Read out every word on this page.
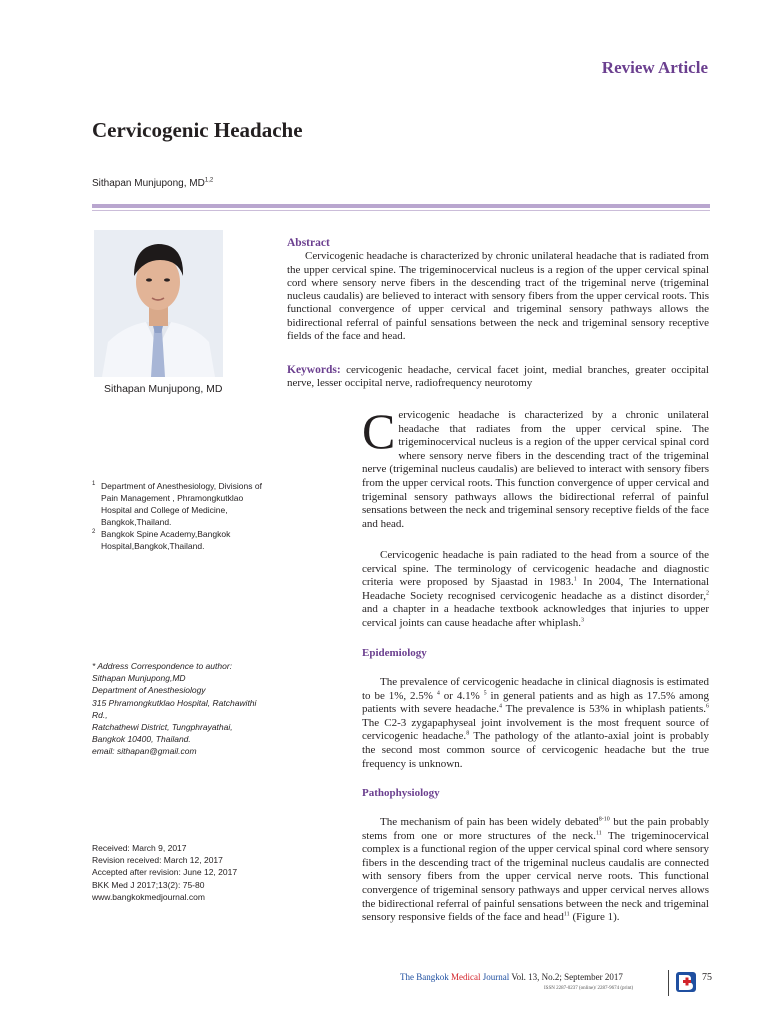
Review Article
Cervicogenic Headache
Sithapan Munjupong, MD$^{1,2}$
Sithapan Munjupong, MD
1 Department of Anesthesiology, Divisions of Pain Management , Phramongkutklao Hospital and College of Medicine, Bangkok,Thailand.
2 Bangkok Spine Academy,Bangkok Hospital,Bangkok,Thailand.
* Address Correspondence to author:
Sithapan Munjupong,MD
Department of Anesthesiology
315 Phramongkutklao Hospital, Ratchawithi Rd.,
Ratchathewi District, Tungphrayathai,
Bangkok 10400, Thailand.
email: sithapan@gmail.com
Received: March 9, 2017
Revision received: March 12, 2017
Accepted after revision: June 12, 2017
BKK Med J 2017;13(2): 75-80
www.bangkokmedjournal.com
Abstract

Cervicogenic headache is characterized by chronic unilateral headache that is radiated from the upper cervical spine. The trigeminocervical nucleus is a region of the upper cervical spinal cord where sensory nerve fibers in the descending tract of the trigeminal nerve (trigeminal nucleus caudalis) are believed to interact with sensory fibers from the upper cervical roots. This functional convergence of upper cervical and trigeminal sensory pathways allows the bidirectional referral of painful sensations between the neck and trigeminal sensory receptive fields of the face and head.

Keywords: cervicogenic headache, cervical facet joint, medial branches, greater occipital nerve, lesser occipital nerve, radiofrequency neurotomy
Cervicogenic headache is characterized by a chronic unilateral headache that radiates from the upper cervical spine. The trigeminocervical nucleus is a region of the upper cervical spinal cord where sensory nerve fibers in the descending tract of the trigeminal nerve (trigeminal nucleus caudalis) are believed to interact with sensory fibers from the upper cervical roots. This function convergence of upper cervical and trigeminal sensory pathways allows the bidirectional referral of painful sensations between the neck and trigeminal sensory receptive fields of the face and head.

Cervicogenic headache is pain radiated to the head from a source of the cervical spine. The terminology of cervicogenic headache and diagnostic criteria were proposed by Sjaastad in 1983.$^1$ In 2004, The International Headache Society recognised cervicogenic headache as a distinct disorder,$^2$ and a chapter in a headache textbook acknowledges that injuries to upper cervical joints can cause headache after whiplash.$^3$

Epidemiology

The prevalence of cervicogenic headache in clinical diagnosis is estimated to be 1%, 2.5% $^4$ or 4.1% $^5$ in general patients and as high as 17.5% among patients with severe headache.$^4$ The prevalence is 53% in whiplash patients.$^6$ The C2-3 zygapaphyseal joint involvement is the most frequent source of cervicogenic headache.$^8$ The pathology of the atlanto-axial joint is probably the second most common source of cervicogenic headache but the true frequency is unknown.

Pathophysiology

The mechanism of pain has been widely debated$^{8-10}$ but the pain probably stems from one or more structures of the neck.$^{11}$ The trigeminocervical complex is a functional region of the upper cervical spinal cord where sensory fibers in the descending tract of the trigeminal nucleus caudalis are connected with sensory fibers from the upper cervical nerve roots. This functional convergence of trigeminal sensory pathways and upper cervical nerves allows the bidirectional referral of painful sensations between the neck and trigeminal sensory responsive fields of the face and head$^{11}$ (Figure 1).

The Bangkok Medical Journal Vol. 13, No.2; September 2017
ISSN 2287-0237 (online)/ 2287-9674 (print)
75
